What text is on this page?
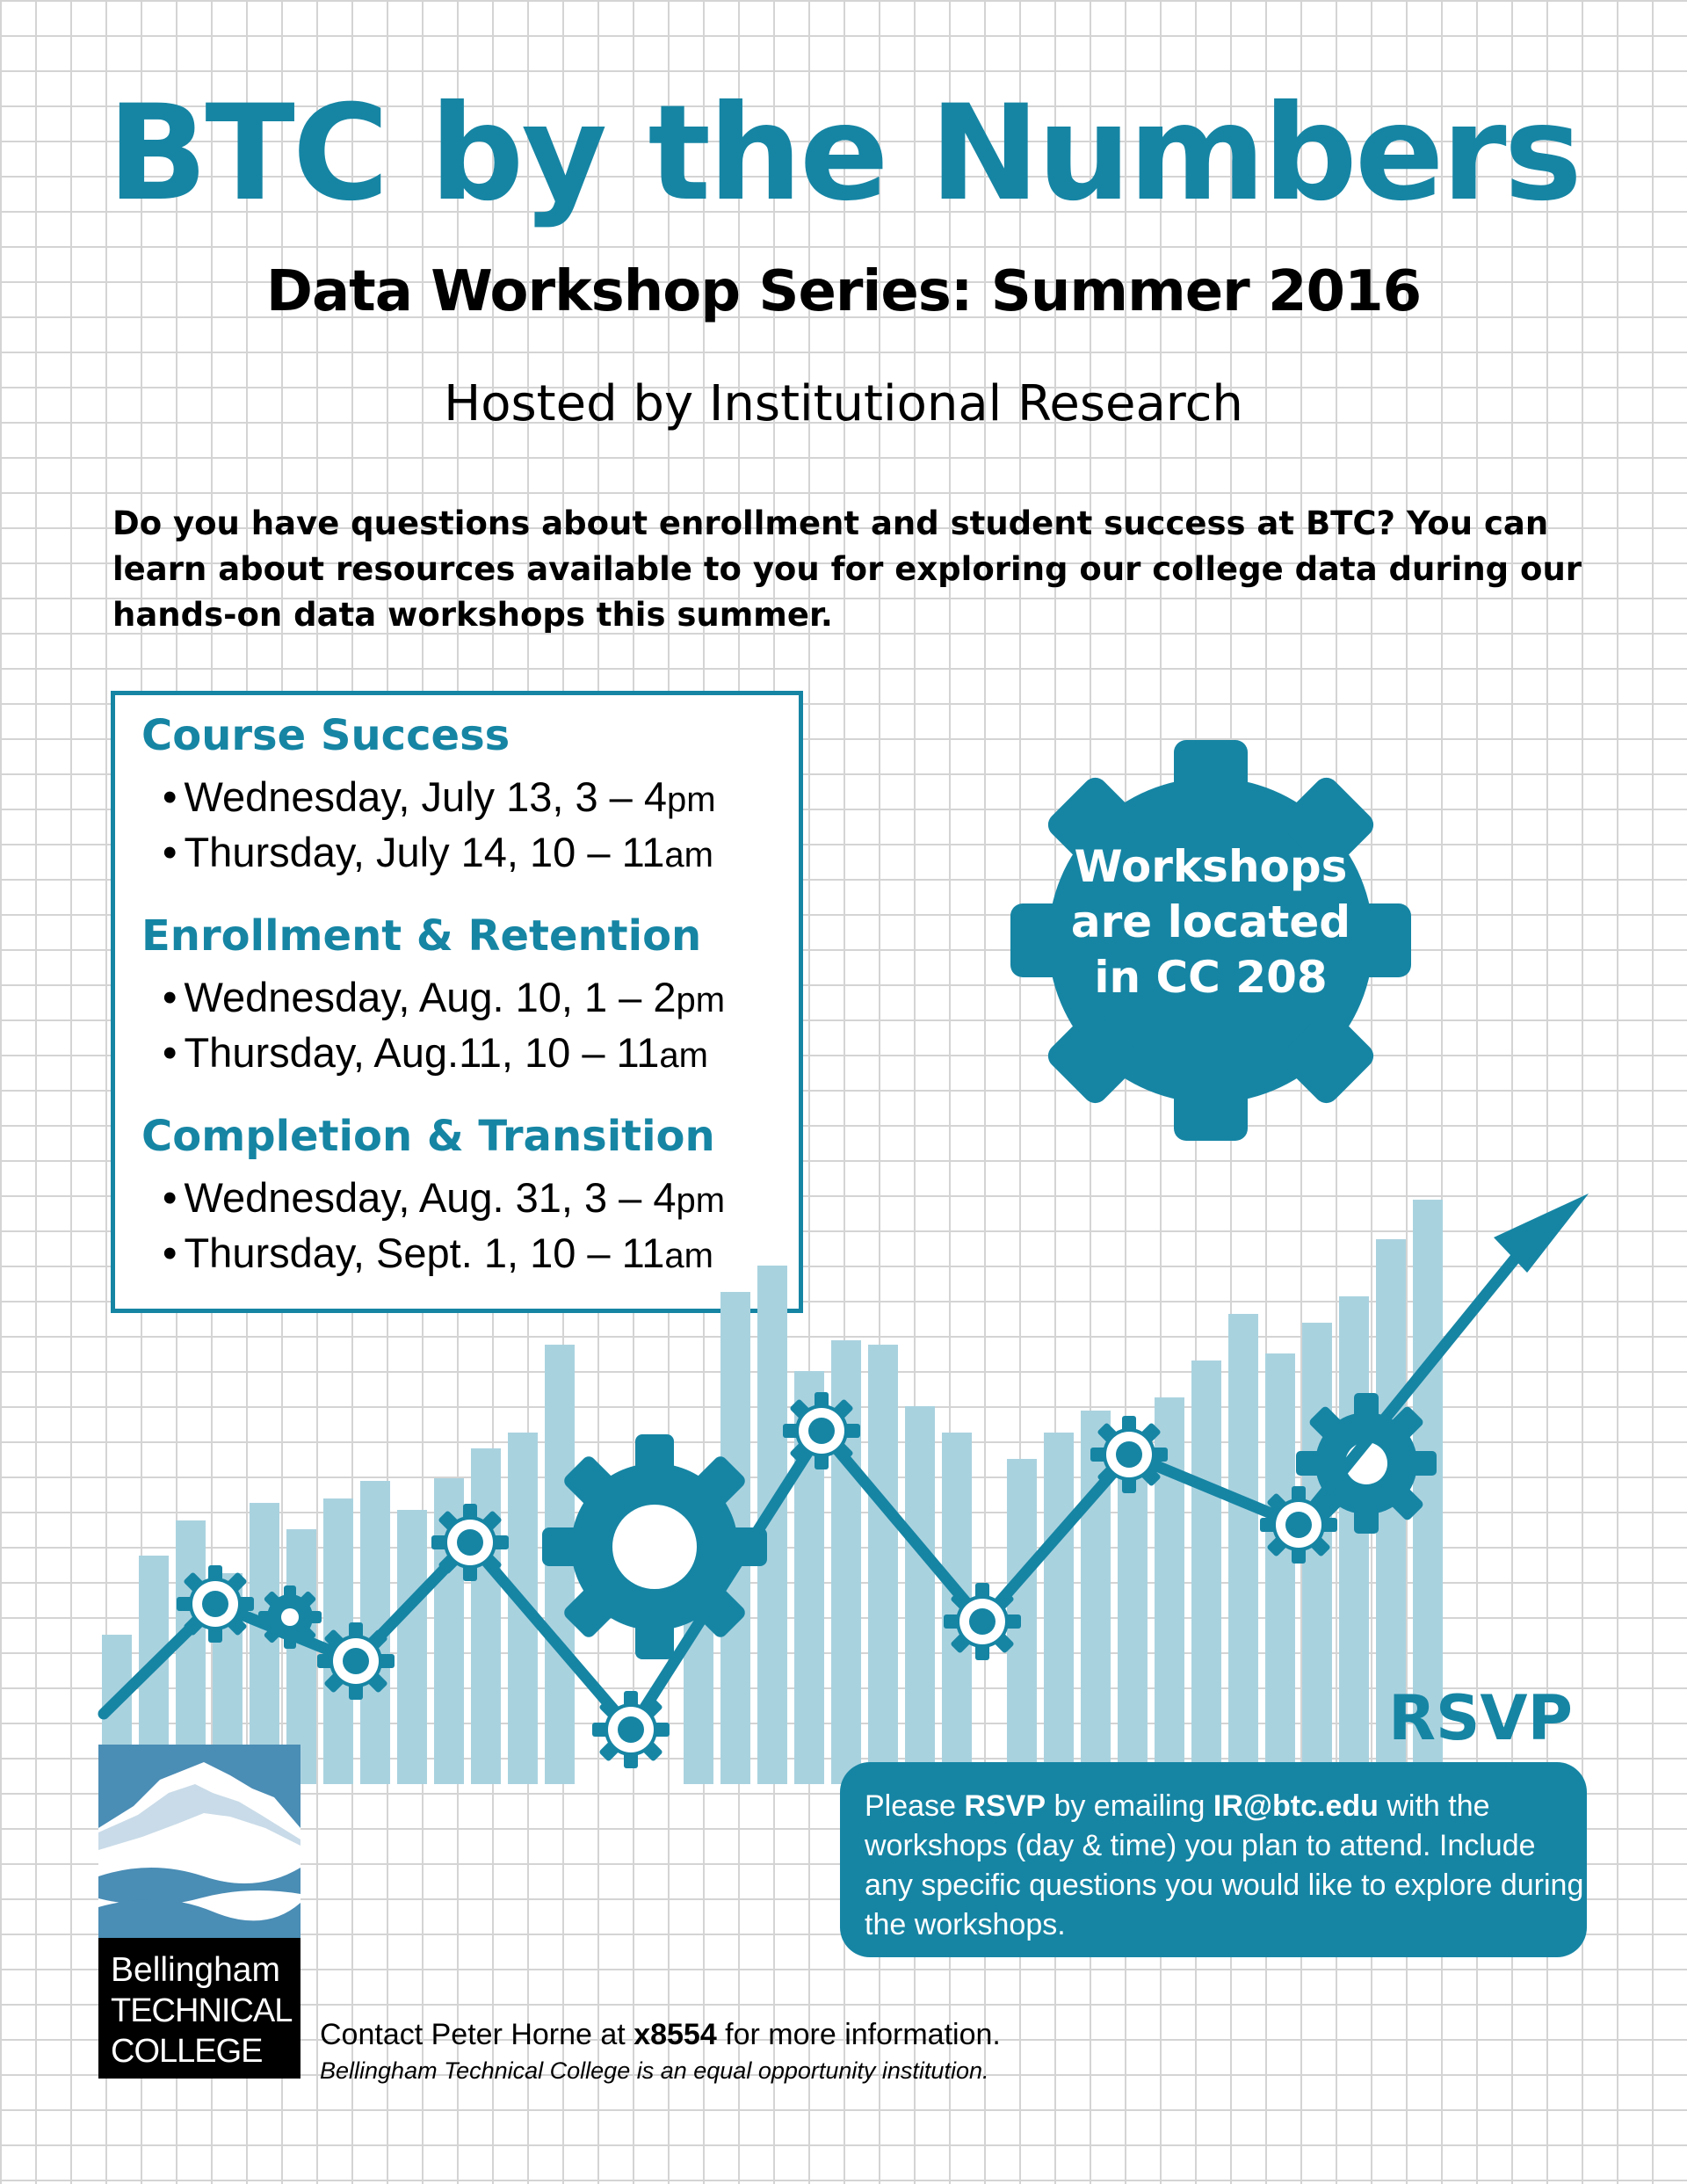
BTC by the Numbers
Data Workshop Series: Summer 2016
Hosted by Institutional Research
Do you have questions about enrollment and student success at BTC? You can learn about resources available to you for exploring our college data during our hands-on data workshops this summer.
Course Success
• Wednesday, July 13, 3 – 4pm
• Thursday, July 14, 10 – 11am
Enrollment & Retention
• Wednesday, Aug. 10, 1 – 2pm
• Thursday, Aug.11, 10 – 11am
Completion & Transition
• Wednesday, Aug. 31, 3 – 4pm
• Thursday, Sept. 1, 10 – 11am
Workshops
are located
in CC 208
Bellingham
TECHNICAL
COLLEGE
RSVP
Please RSVP by emailing IR@btc.edu with the workshops (day & time) you plan to attend. Include any specific questions you would like to explore during the workshops.
Contact Peter Horne at x8554 for more information.
Bellingham Technical College is an equal opportunity institution.
